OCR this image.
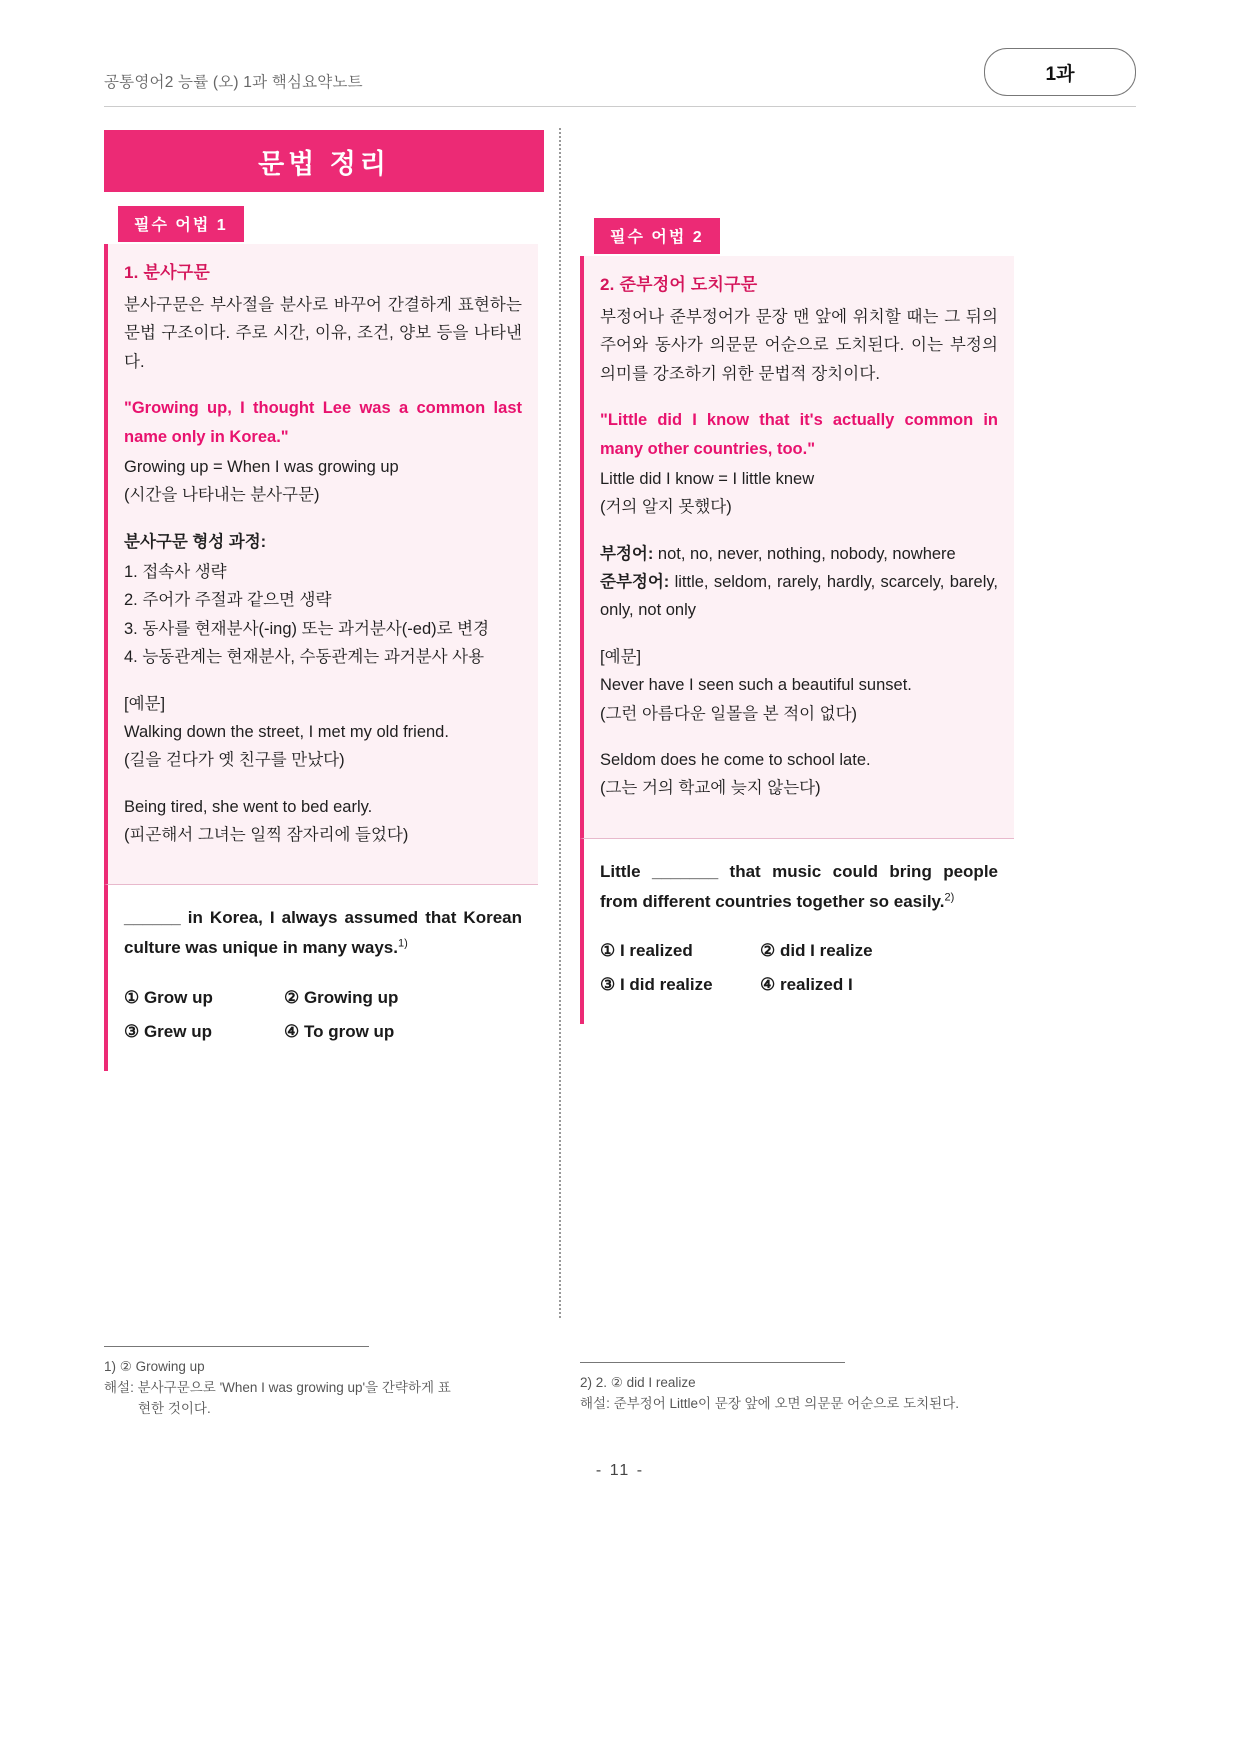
공통영어2 능률 (오) 1과 핵심요약노트	1과
문법 정리
필수 어법 1
1. 분사구문

분사구문은 부사절을 분사로 바꾸어 간결하게 표현하는 문법 구조이다. 주로 시간, 이유, 조건, 양보 등을 나타낸다.

"Growing up, I thought Lee was a common last name only in Korea."

Growing up = When I was growing up

(시간을 나타내는 분사구문)

분사구문 형성 과정:

1. 접속사 생략

2. 주어가 주절과 같으면 생략

3. 동사를 현재분사(-ing) 또는 과거분사(-ed)로 변경

4. 능동관계는 현재분사, 수동관계는 과거분사 사용

[예문]

Walking down the street, I met my old friend.

(길을 걷다가 옛 친구를 만났다)

Being tired, she went to bed early.

(피곤해서 그녀는 일찍 잠자리에 들었다)

______ in Korea, I always assumed that Korean culture was unique in many ways.$^{1)}$

① Grow up	② Growing up
③ Grew up	④ To grow up
필수 어법 2
2. 준부정어 도치구문

부정어나 준부정어가 문장 맨 앞에 위치할 때는 그 뒤의 주어와 동사가 의문문 어순으로 도치된다. 이는 부정의 의미를 강조하기 위한 문법적 장치이다.

"Little did I know that it's actually common in many other countries, too."

Little did I know = I little knew

(거의 알지 못했다)

부정어: not, no, never, nothing, nobody, nowhere

준부정어: little, seldom, rarely, hardly, scarcely, barely, only, not only

[예문]

Never have I seen such a beautiful sunset.

(그런 아름다운 일몰을 본 적이 없다)

Seldom does he come to school late.

(그는 거의 학교에 늦지 않는다)

Little _______ that music could bring people from different countries together so easily.$^{2)}$

① I realized	② did I realize
③ I did realize	④ realized I

1) ② Growing up

해설: 분사구문으로 'When I was growing up'을 간략하게 표

현한 것이다.

2) 2. ② did I realize

해설: 준부정어 Little이 문장 앞에 오면 의문문 어순으로 도치된다.

- 11 -
